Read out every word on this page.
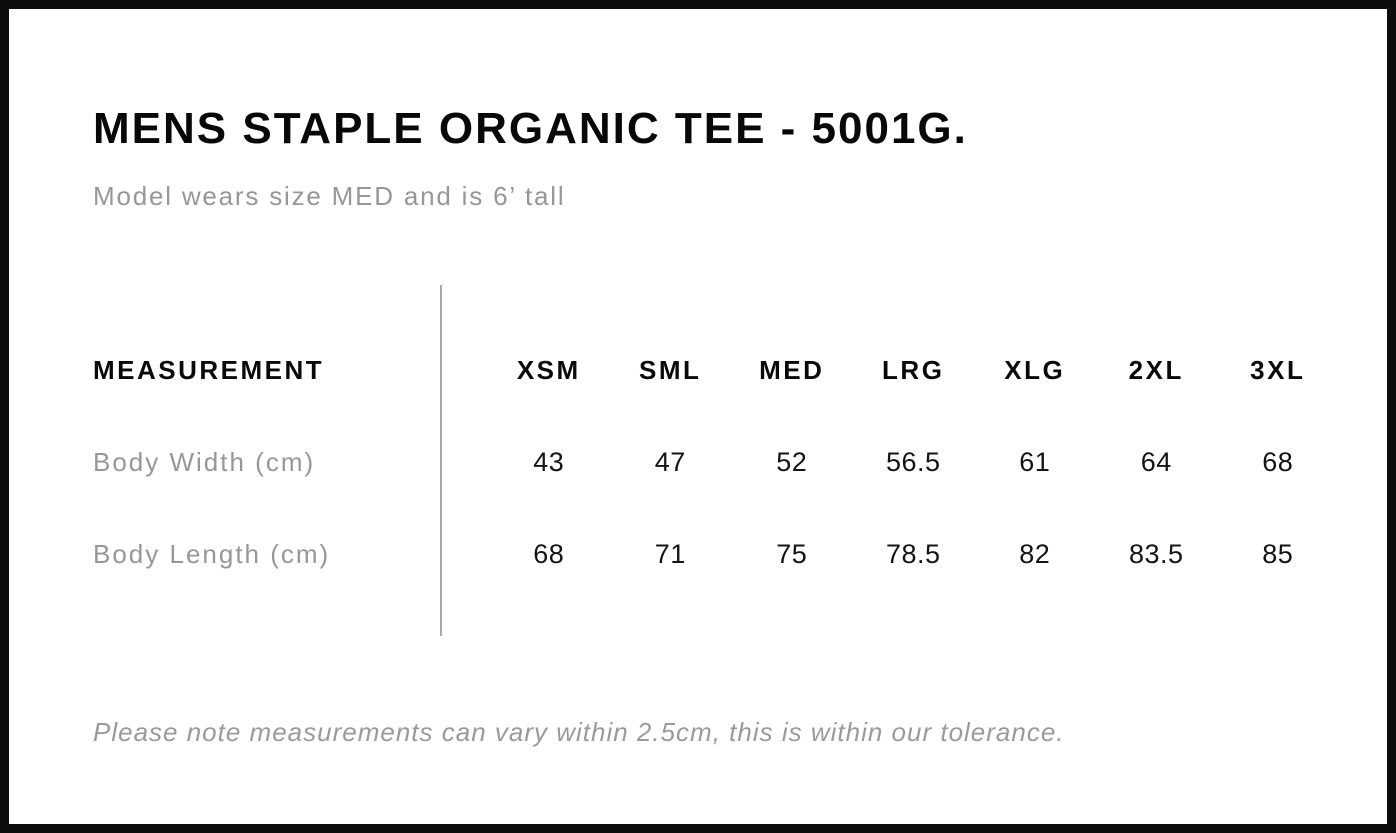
MENS STAPLE ORGANIC TEE - 5001G.

Model wears size MED and is 6’ tall

MEASUREMENT	XSM	SML	MED	LRG	XLG	2XL	3XL
Body Width (cm)	43	47	52	56.5	61	64	68
Body Length (cm)	68	71	75	78.5	82	83.5	85

Please note measurements can vary within 2.5cm, this is within our tolerance.
